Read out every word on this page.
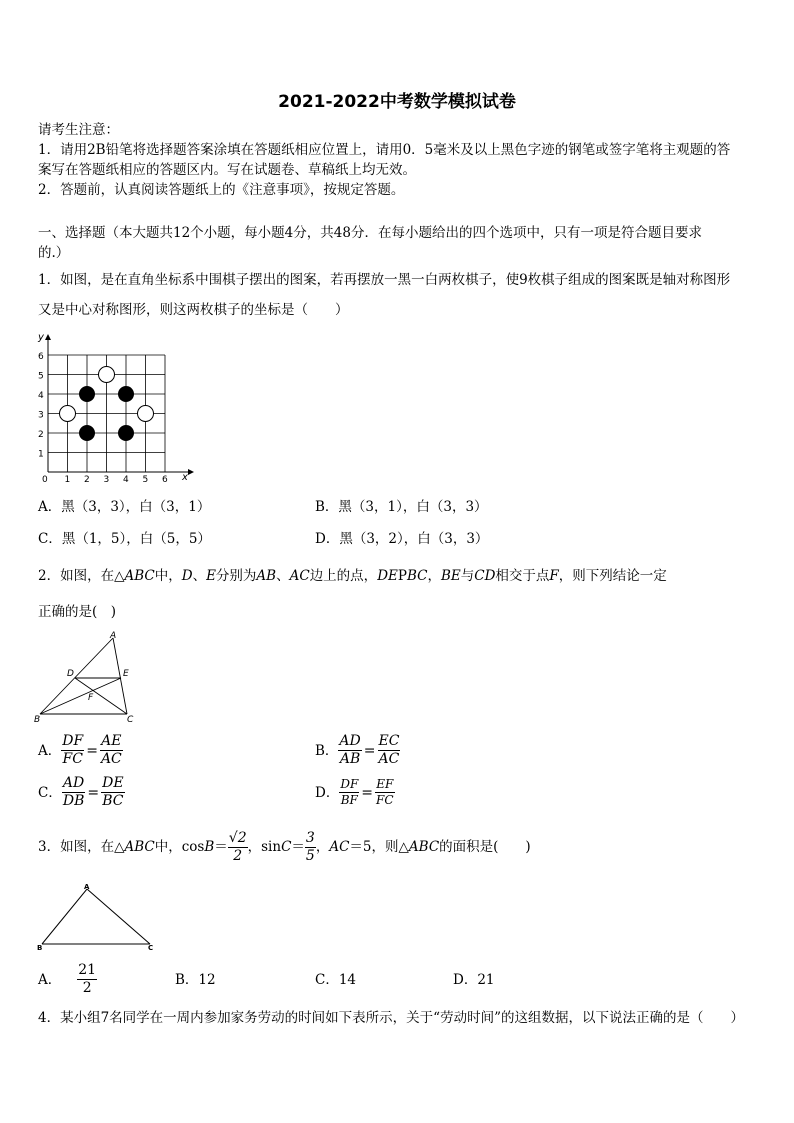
2021-2022中考数学模拟试卷
请考生注意：
1．请用2B铅笔将选择题答案涂填在答题纸相应位置上，请用0．5毫米及以上黑色字迹的钢笔或签字笔将主观题的答
案写在答题纸相应的答题区内。写在试题卷、草稿纸上均无效。
2．答题前，认真阅读答题纸上的《注意事项》，按规定答题。
一、选择题（本大题共12个小题，每小题4分，共48分．在每小题给出的四个选项中，只有一项是符合题目要求
的.）
1．如图，是在直角坐标系中围棋子摆出的图案，若再摆放一黑一白两枚棋子，使9枚棋子组成的图案既是轴对称图形
又是中心对称图形，则这两枚棋子的坐标是（　　）
y
x
0 1 2 3 4 5 6
1
2
3
4
5
6
A．黑（3，3），白（3，1）	B．黑（3，1），白（3，3）
C．黑（1，5），白（5，5）	D．黑（3，2），白（3，3）
2．如图，在△ABC中，D、E分别为AB、AC边上的点，DEPBC，BE与CD相交于点F，则下列结论一定
正确的是(　)
A
B	C
D	E
F
A． $\frac{DF}{FC} = \frac{AE}{AC}$	B． $\frac{AD}{AB} = \frac{EC}{AC}$
C． $\frac{AD}{DB} = \frac{DE}{BC}$	D． $\frac{DF}{BF} = \frac{EF}{FC}$
3．如图，在△ABC中，$\cos B= \frac{√2}{2}$ ，$\sin C= \frac{3}{5}$ ，AC＝5，则△ABC的面积是(　　)
A
B	C
A． $\frac{21}{2}$	B．12	C．14	D．21
4．某小组7名同学在一周内参加家务劳动的时间如下表所示，关于“劳动时间”的这组数据，以下说法正确的是（　　）
